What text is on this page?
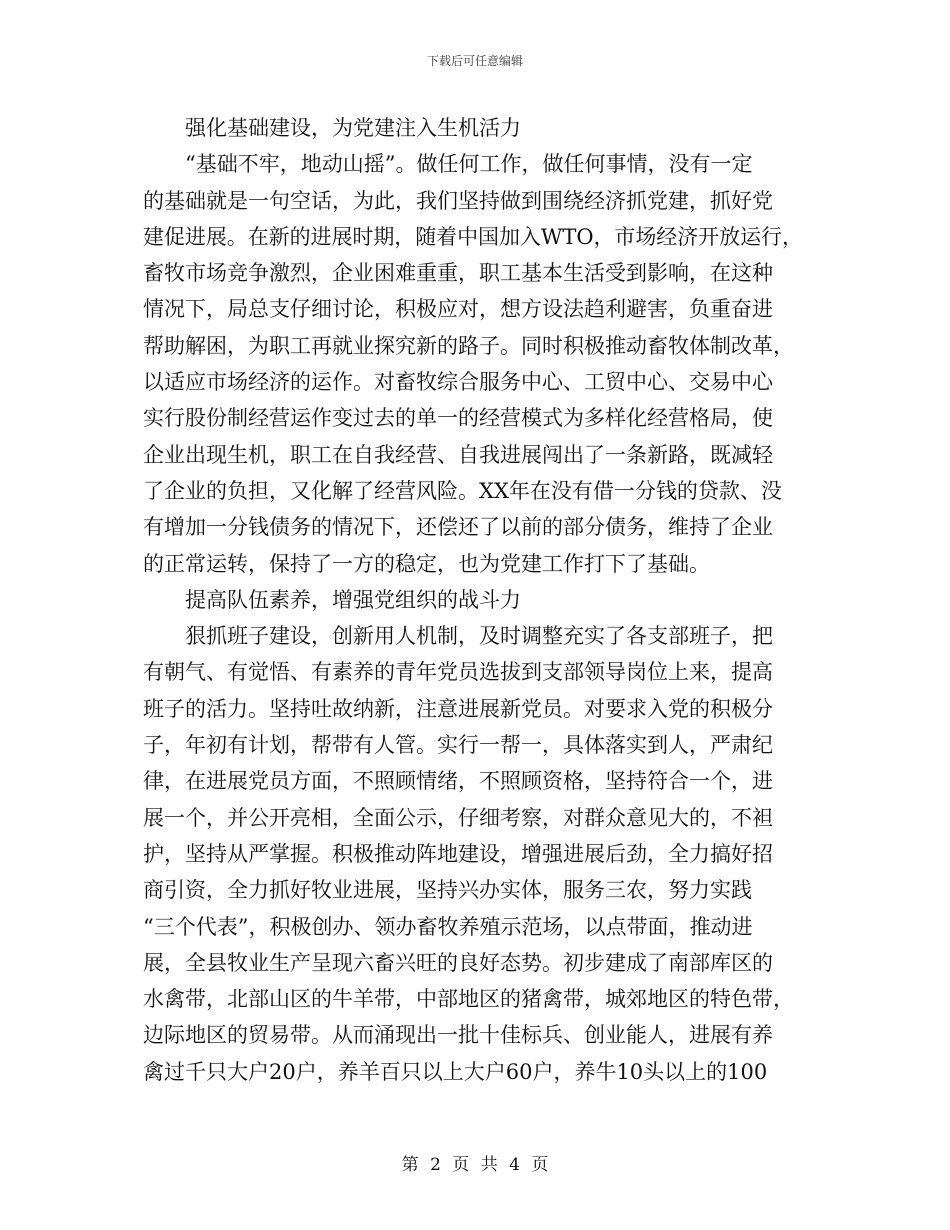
下载后可任意编辑
强化基础建设，为党建注入生机活力
“基础不牢，地动山摇”。做任何工作，做任何事情，没有一定
的基础就是一句空话，为此，我们坚持做到围绕经济抓党建，抓好党
建促进展。在新的进展时期，随着中国加入WTO，市场经济开放运行，
畜牧市场竞争激烈，企业困难重重，职工基本生活受到影响，在这种
情况下，局总支仔细讨论，积极应对，想方设法趋利避害，负重奋进
帮助解困，为职工再就业探究新的路子。同时积极推动畜牧体制改革，
以适应市场经济的运作。对畜牧综合服务中心、工贸中心、交易中心
实行股份制经营运作变过去的单一的经营模式为多样化经营格局，使
企业出现生机，职工在自我经营、自我进展闯出了一条新路，既减轻
了企业的负担，又化解了经营风险。XX年在没有借一分钱的贷款、没
有增加一分钱债务的情况下，还偿还了以前的部分债务，维持了企业
的正常运转，保持了一方的稳定，也为党建工作打下了基础。
提高队伍素养，增强党组织的战斗力
狠抓班子建设，创新用人机制，及时调整充实了各支部班子，把
有朝气、有觉悟、有素养的青年党员选拔到支部领导岗位上来，提高
班子的活力。坚持吐故纳新，注意进展新党员。对要求入党的积极分
子，年初有计划，帮带有人管。实行一帮一，具体落实到人，严肃纪
律，在进展党员方面，不照顾情绪，不照顾资格，坚持符合一个，进
展一个，并公开亮相，全面公示，仔细考察，对群众意见大的，不袒
护，坚持从严掌握。积极推动阵地建设，增强进展后劲，全力搞好招
商引资，全力抓好牧业进展，坚持兴办实体，服务三农，努力实践
“三个代表”，积极创办、领办畜牧养殖示范场，以点带面，推动进
展，全县牧业生产呈现六畜兴旺的良好态势。初步建成了南部库区的
水禽带，北部山区的牛羊带，中部地区的猪禽带，城郊地区的特色带，
边际地区的贸易带。从而涌现出一批十佳标兵、创业能人，进展有养
禽过千只大户20户，养羊百只以上大户60户，养牛10头以上的100
第 2 页 共 4 页
